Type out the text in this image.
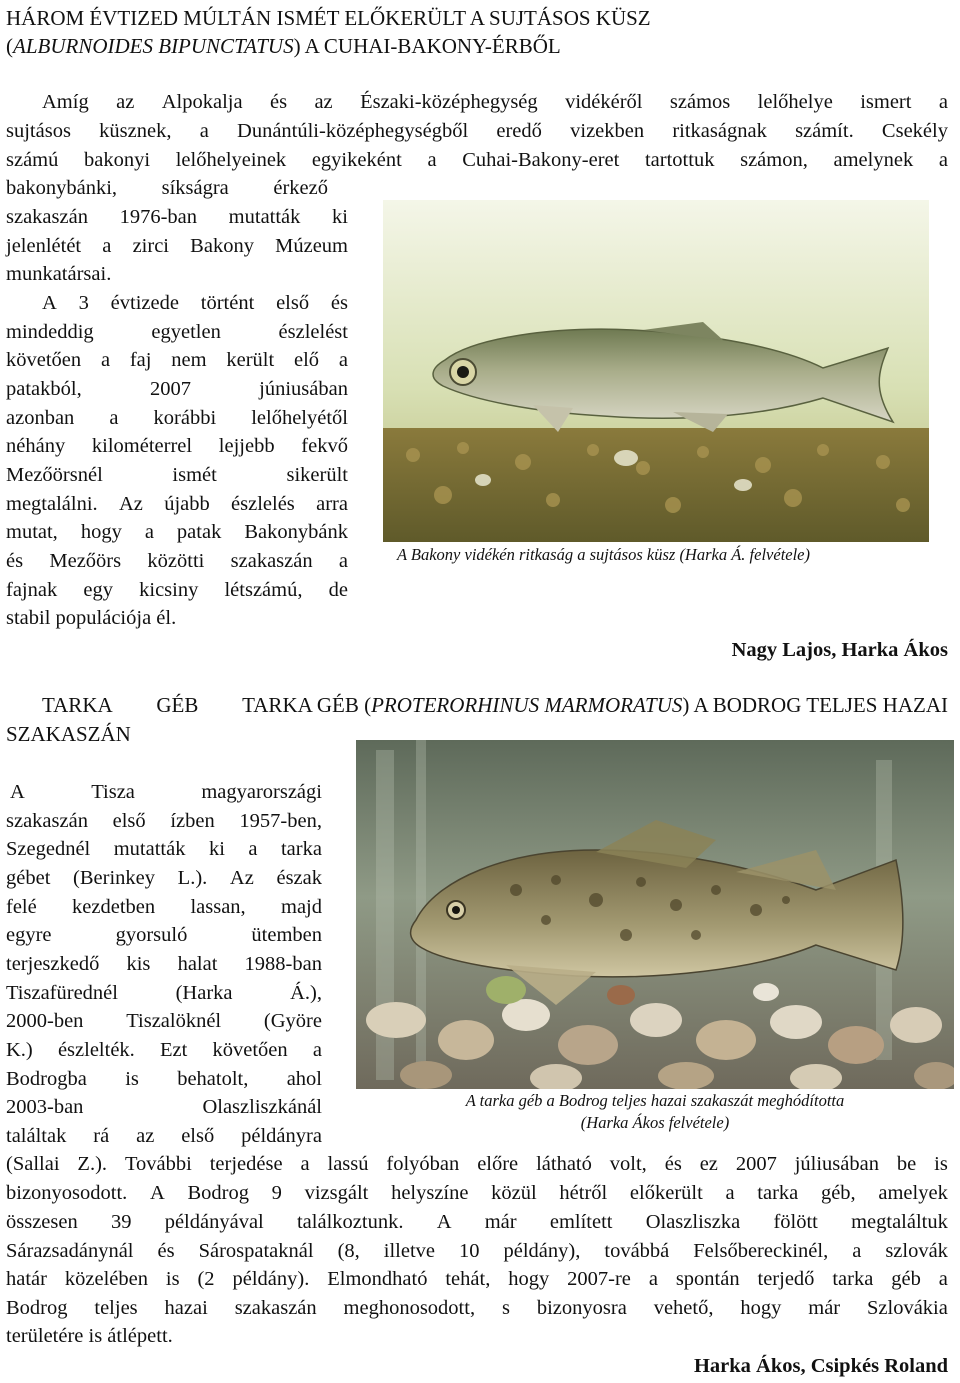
HÁROM ÉVTIZED MÚLTÁN ISMÉT ELŐKERÜLT A SUJTÁSOS KÜSZ
(ALBURNOIDES BIPUNCTATUS) A CUHAI-BAKONY-ÉRBŐL
Amíg az Alpokalja és az Északi-középhegység vidékéről számos lelőhelye ismert a
sujtásos küsznek, a Dunántúli-középhegységből eredő vizekben ritkaságnak számít. Csekély
számú bakonyi lelőhelyeinek egyikeként a Cuhai-Bakony-eret tartottuk számon, amelynek a
bakonybánki, síkságra érkező
szakaszán 1976-ban mutatták ki
jelenlétét a zirci Bakony Múzeum
munkatársai.
A 3 évtizede történt első és
mindeddig	egyetlen	észlelést
követően a faj nem került elő a
patakból,	2007	júniusában
azonban a korábbi lelőhelyétől
néhány kilométerrel lejjebb fekvő
Mezőörsnél	ismét	sikerült
megtalálni. Az újabb észlelés arra
mutat, hogy a patak Bakonybánk
és Mezőörs közötti szakaszán a
fajnak egy kicsiny létszámú, de
stabil populációja él.
A Bakony vidékén ritkaság a sujtásos küsz (Harka Á. felvétele)
Nagy Lajos, Harka Ákos
TARKA GÉB TARKA GÉB (PROTERORHINUS MARMORATUS) A BODROG TELJES HAZAI
SZAKASZÁN
A	Tisza	magyarországi
szakaszán első ízben 1957-ben,
Szegednél mutatták ki a tarka
gébet (Berinkey L.). Az észak
felé kezdetben lassan, majd
egyre	gyorsuló	ütemben
terjeszkedő kis halat 1988-ban
Tiszafürednél	(Harka	Á.),
2000-ben Tiszalöknél (Györe
K.) észlelték. Ezt követően a
Bodrogba is behatolt, ahol
2003-ban	Olaszliszkánál
találtak rá az első példányra
(Sallai Z.). További terjedése a lassú folyóban előre látható volt, és ez 2007 júliusában be is
bizonyosodott. A Bodrog 9 vizsgált helyszíne közül hétről előkerült a tarka géb, amelyek
összesen 39 példányával találkoztunk. A már említett Olaszliszka fölött megtaláltuk
Sárazsadánynál és Sárospataknál (8, illetve 10 példány), továbbá Felsőbereckinél, a szlovák
határ közelében is (2 példány). Elmondható tehát, hogy 2007-re a spontán terjedő tarka géb a
Bodrog teljes hazai szakaszán meghonosodott, s bizonyosra vehető, hogy már Szlovákia
területére is átlépett.
A tarka géb a Bodrog teljes hazai szakaszát meghódította
(Harka Ákos felvétele)
Harka Ákos, Csipkés Roland
